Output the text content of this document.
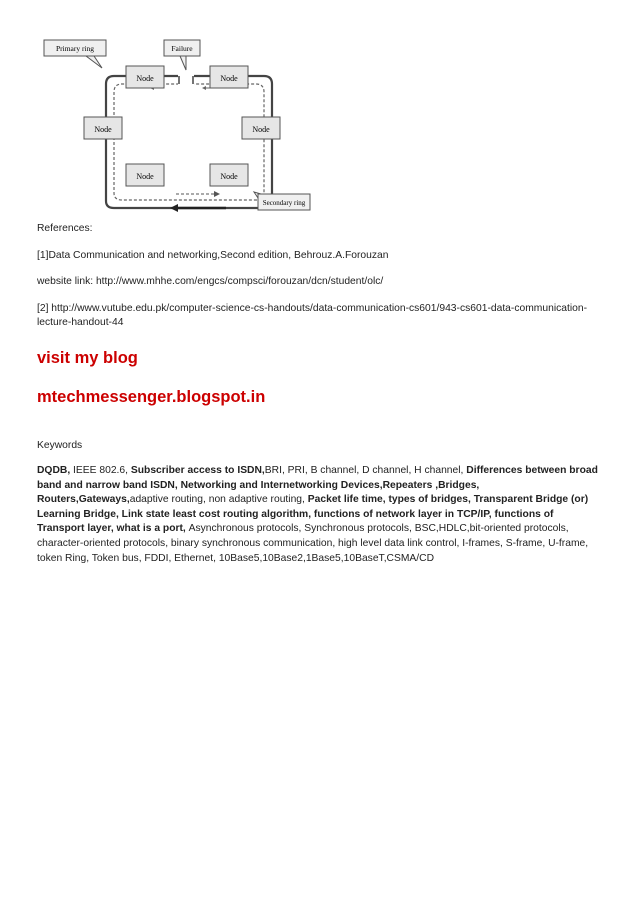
Node	Node
Node	Node
Node	Node
Primary ring	Failure
Secondary ring
References:
[1]Data Communication and networking,Second edition, Behrouz.A.Forouzan
website link: http://www.mhhe.com/engcs/compsci/forouzan/dcn/student/olc/
[2] http://www.vutube.edu.pk/computer-science-cs-handouts/data-communication-cs601/943-cs601-data-communication-lecture-handout-44
visit my blog
mtechmessenger.blogspot.in
Keywords
DQDB, IEEE 802.6, Subscriber access to ISDN,BRI, PRI, B channel, D channel, H channel, Differences between broad band and narrow band ISDN, Networking and Internetworking Devices,Repeaters ,Bridges, Routers,Gateways,adaptive routing, non adaptive routing, Packet life time, types of bridges, Transparent Bridge (or) Learning Bridge, Link state least cost routing algorithm, functions of network layer in TCP/IP, functions of Transport layer, what is a port, Asynchronous protocols, Synchronous protocols, BSC,HDLC,bit-oriented protocols, character-oriented protocols, binary synchronous communication, high level data link control, I-frames, S-frame, U-frame, token Ring, Token bus, FDDI, Ethernet, 10Base5,10Base2,1Base5,10BaseT,CSMA/CD
